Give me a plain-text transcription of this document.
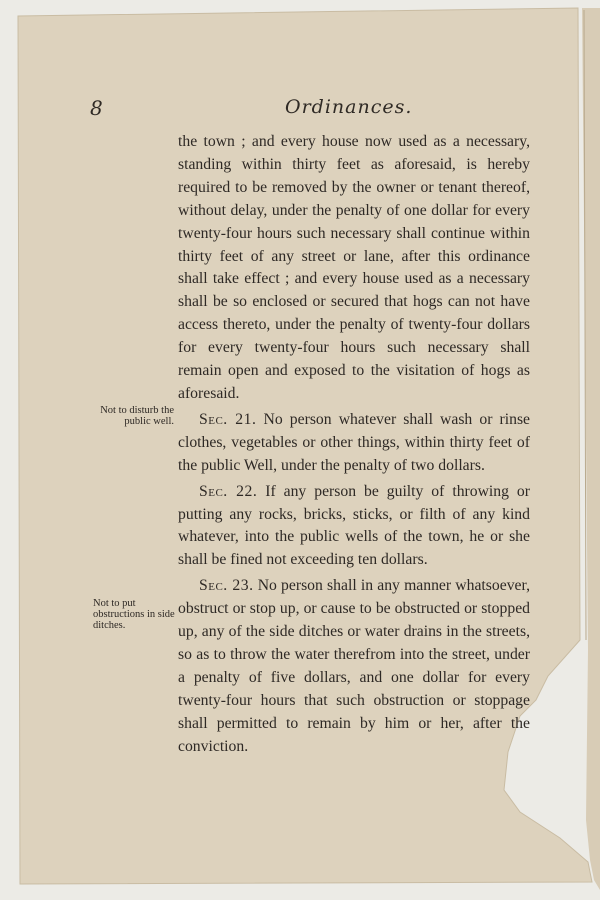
8	Ordinances.
Not to disturb the public well.
Not to put obstructions in side ditches.

the town ; and every house now used as a necessary, standing within thirty feet as aforesaid, is hereby required to be removed by the owner or tenant thereof, without delay, under the penalty of one dollar for every twenty-four hours such necessary shall continue within thirty feet of any street or lane, after this ordinance shall take effect ; and every house used as a necessary shall be so enclosed or secured that hogs can not have access thereto, under the penalty of twenty-four dollars for every twenty-four hours such necessary shall remain open and exposed to the visitation of hogs as aforesaid.

Sec. 21. No person whatever shall wash or rinse clothes, vegetables or other things, within thirty feet of the public Well, under the penalty of two dollars.

Sec. 22. If any person be guilty of throwing or putting any rocks, bricks, sticks, or filth of any kind whatever, into the public wells of the town, he or she shall be fined not exceeding ten dollars.

Sec. 23. No person shall in any manner whatsoever, obstruct or stop up, or cause to be obstructed or stopped up, any of the side ditches or water drains in the streets, so as to throw the water therefrom into the street, under a penalty of five dollars, and one dollar for every twenty-four hours that such obstruction or stoppage shall permitted to remain by him or her, after the conviction.
